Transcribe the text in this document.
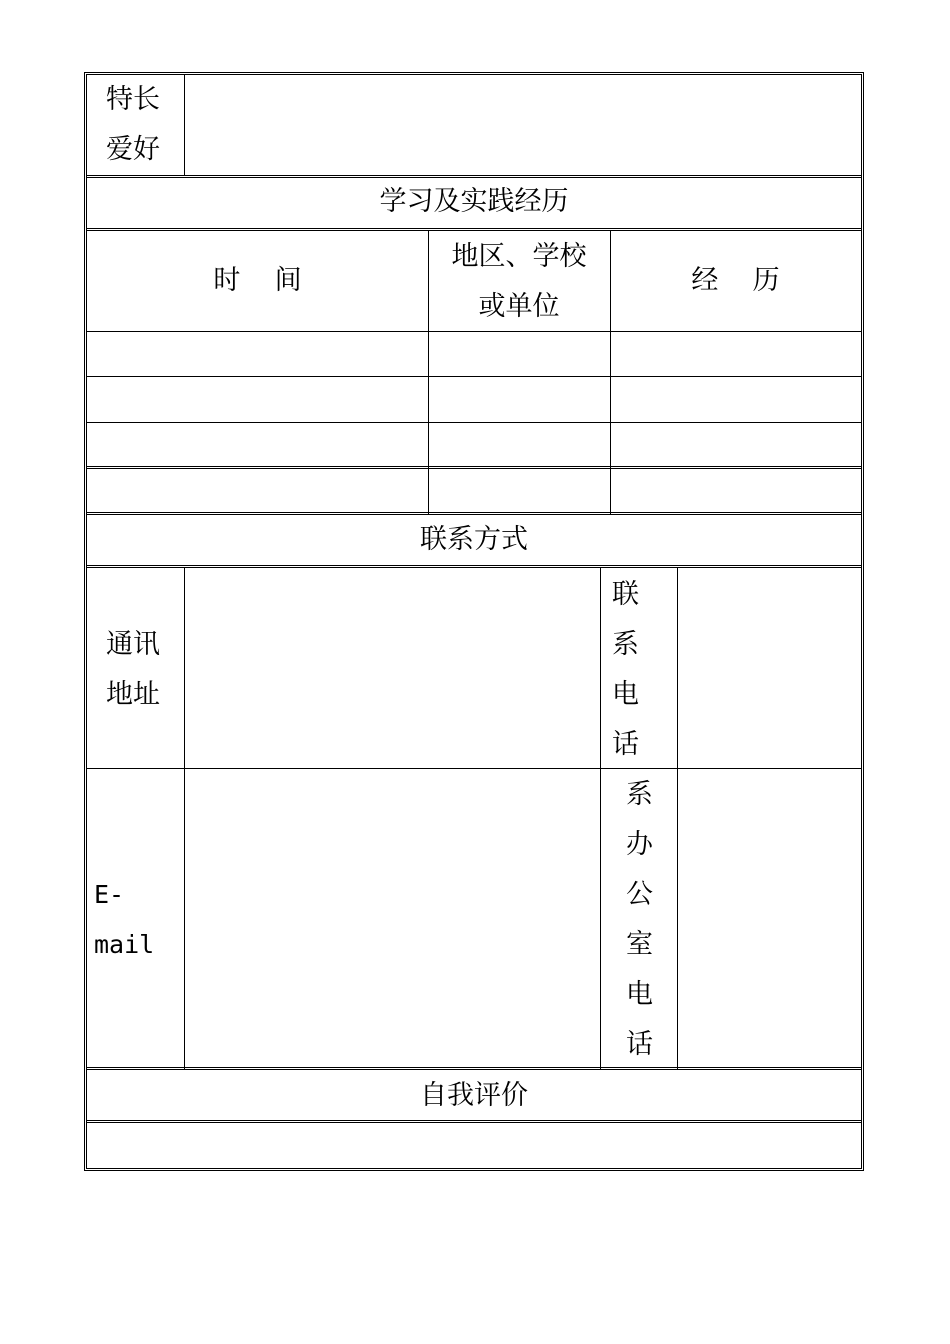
特长
爱好
学习及实践经历
时    间
地区、学校
或单位
经    历
联系方式
通讯
地址
联
系
电
话
E-
mail
系
办
公
室
电
话
自我评价
